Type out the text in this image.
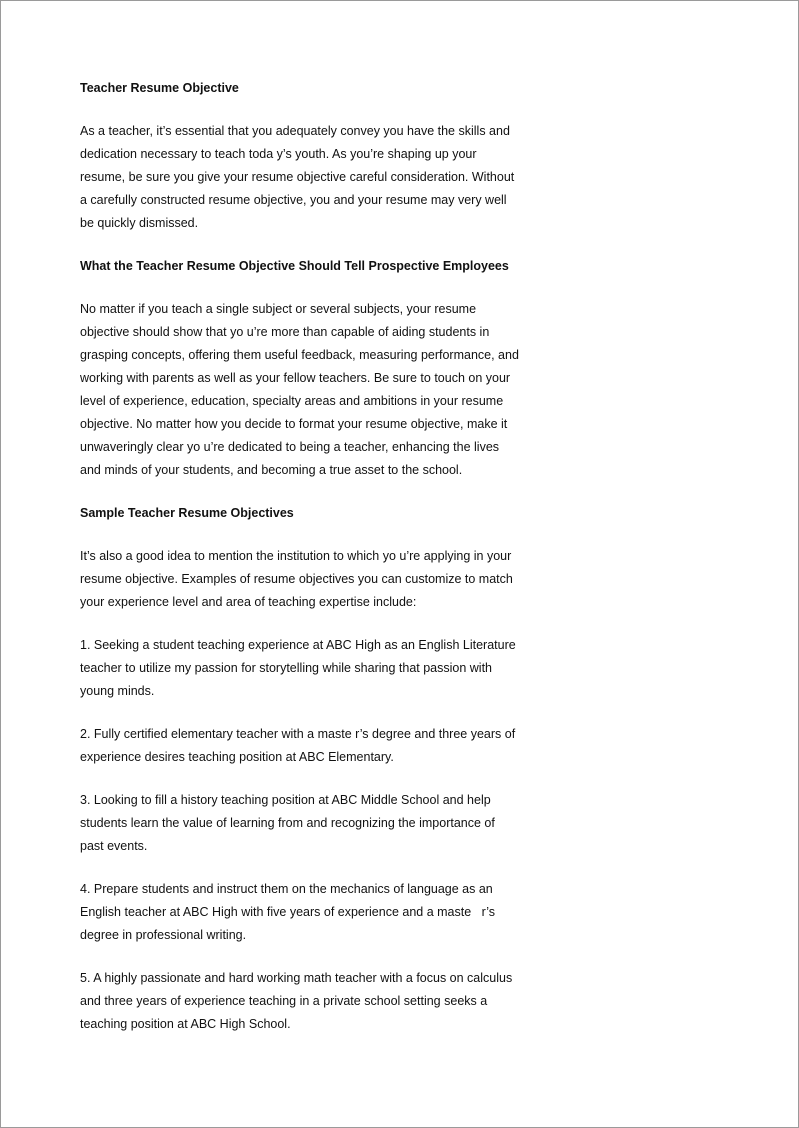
Teacher Resume Objective
As a teacher, it’s essential that you adequately convey you have the skills and
dedication necessary to teach toda y’s youth. As you’re shaping up your
resume, be sure you give your resume objective careful consideration. Without
a carefully constructed resume objective, you and your resume may very well
be quickly dismissed.
What the Teacher Resume Objective Should Tell Prospective Employees
No matter if you teach a single subject or several subjects, your resume
objective should show that yo u’re more than capable of aiding students in
grasping concepts, offering them useful feedback, measuring performance, and
working with parents as well as your fellow teachers. Be sure to touch on your
level of experience, education, specialty areas and ambitions in your resume
objective. No matter how you decide to format your resume objective, make it
unwaveringly clear yo u’re dedicated to being a teacher, enhancing the lives
and minds of your students, and becoming a true asset to the school.
Sample Teacher Resume Objectives
It’s also a good idea to mention the institution to which yo u’re applying in your
resume objective. Examples of resume objectives you can customize to match
your experience level and area of teaching expertise include:
1. Seeking a student teaching experience at ABC High as an English Literature
teacher to utilize my passion for storytelling while sharing that passion with
young minds.
2. Fully certified elementary teacher with a maste r’s degree and three years of
experience desires teaching position at ABC Elementary.
3. Looking to fill a history teaching position at ABC Middle School and help
students learn the value of learning from and recognizing the importance of
past events.
4. Prepare students and instruct them on the mechanics of language as an
English teacher at ABC High with five years of experience and a maste   r’s
degree in professional writing.
5. A highly passionate and hard working math teacher with a focus on calculus
and three years of experience teaching in a private school setting seeks a
teaching position at ABC High School.
